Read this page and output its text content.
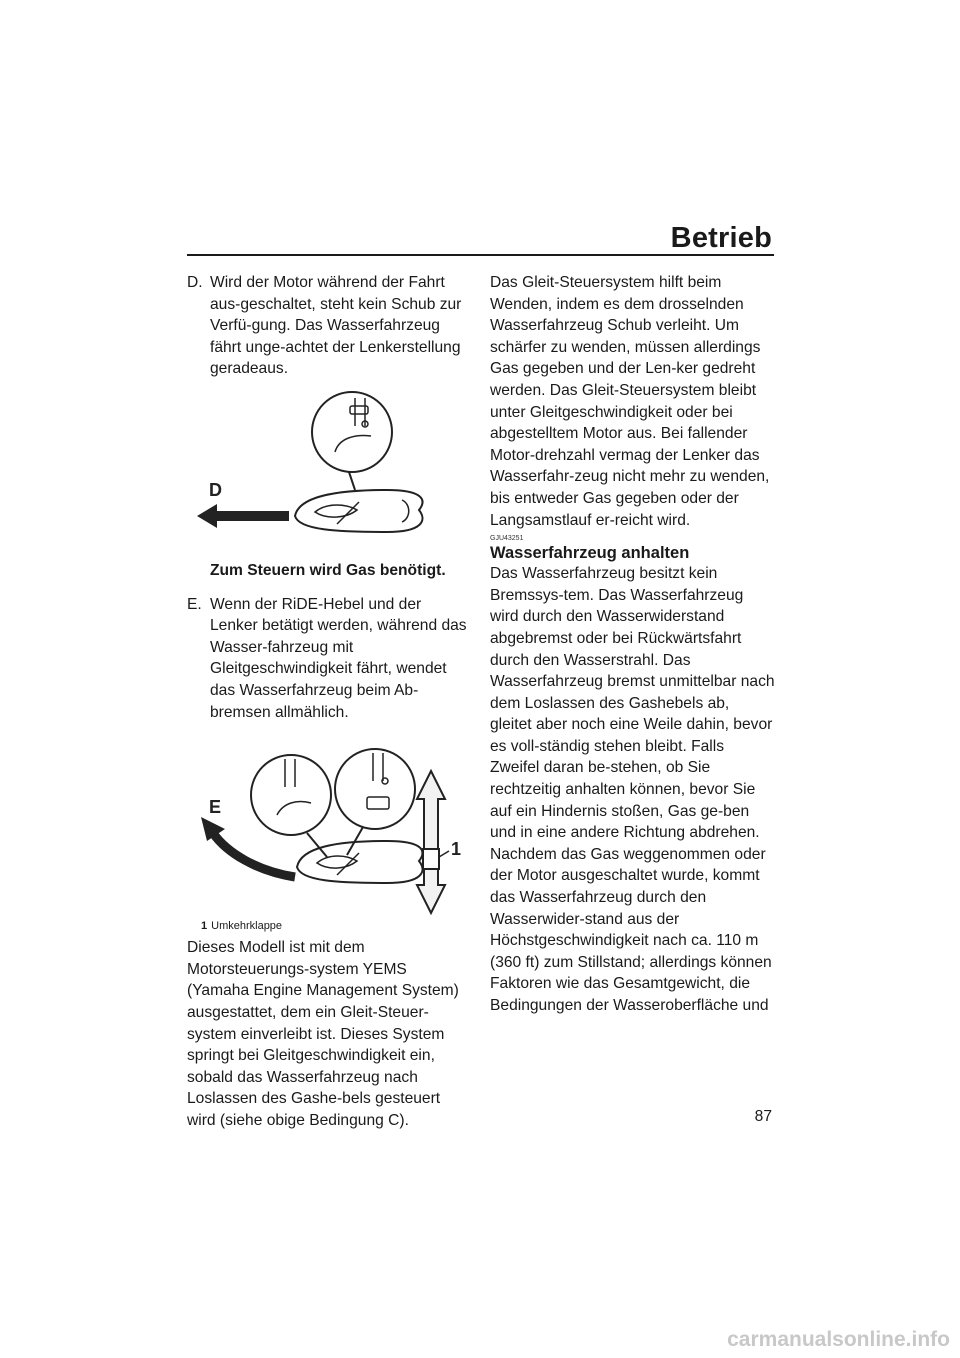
Betrieb
D. Wird der Motor während der Fahrt aus-geschaltet, steht kein Schub zur Verfü-gung. Das Wasserfahrzeug fährt unge-achtet der Lenkerstellung geradeaus.

D
Zum Steuern wird Gas benötigt.
E. Wenn der RiDE-Hebel und der Lenker betätigt werden, während das Wasser-fahrzeug mit Gleitgeschwindigkeit fährt, wendet das Wasserfahrzeug beim Ab-bremsen allmählich.

E
1
1 Umkehrklappe

Dieses Modell ist mit dem Motorsteuerungs-system YEMS (Yamaha Engine Management System) ausgestattet, dem ein Gleit-Steuer-system einverleibt ist. Dieses System springt bei Gleitgeschwindigkeit ein, sobald das Wasserfahrzeug nach Loslassen des Gashe-bels gesteuert wird (siehe obige Bedingung C).

Das Gleit-Steuersystem hilft beim Wenden, indem es dem drosselnden Wasserfahrzeug Schub verleiht. Um schärfer zu wenden, müssen allerdings Gas gegeben und der Len-ker gedreht werden. Das Gleit-Steuersystem bleibt unter Gleitgeschwindigkeit oder bei abgestelltem Motor aus. Bei fallender Motor-drehzahl vermag der Lenker das Wasserfahr-zeug nicht mehr zu wenden, bis entweder Gas gegeben oder der Langsamstlauf er-reicht wird.

GJU43251
Wasserfahrzeug anhalten

Das Wasserfahrzeug besitzt kein Bremssys-tem. Das Wasserfahrzeug wird durch den Wasserwiderstand abgebremst oder bei Rückwärtsfahrt durch den Wasserstrahl. Das Wasserfahrzeug bremst unmittelbar nach dem Loslassen des Gashebels ab, gleitet aber noch eine Weile dahin, bevor es voll-ständig stehen bleibt. Falls Zweifel daran be-stehen, ob Sie rechtzeitig anhalten können, bevor Sie auf ein Hindernis stoßen, Gas ge-ben und in eine andere Richtung abdrehen. Nachdem das Gas weggenommen oder der Motor ausgeschaltet wurde, kommt das Wasserfahrzeug durch den Wasserwider-stand aus der Höchstgeschwindigkeit nach ca. 110 m (360 ft) zum Stillstand; allerdings können Faktoren wie das Gesamtgewicht, die Bedingungen der Wasseroberfläche und

87
carmanualsonline.info
